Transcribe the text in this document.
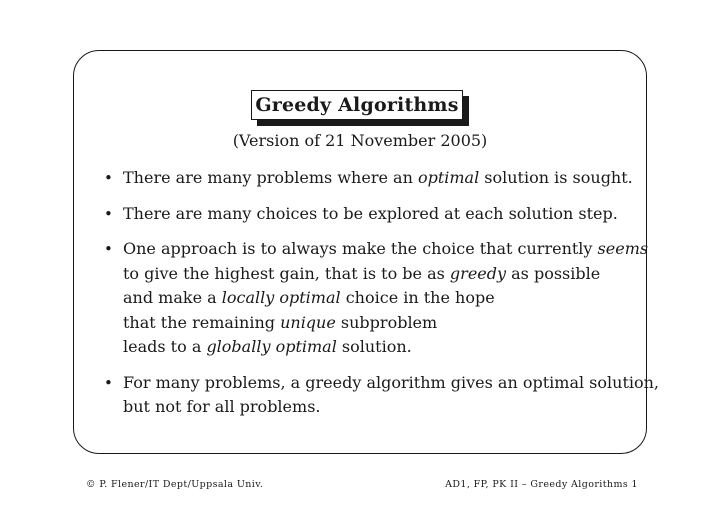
Greedy Algorithms
(Version of 21 November 2005)
• There are many problems where an optimal solution is sought.
• There are many choices to be explored at each solution step.
• One approach is to always make the choice that currently seems
to give the highest gain, that is to be as greedy as possible
and make a locally optimal choice in the hope
that the remaining unique subproblem
leads to a globally optimal solution.
• For many problems, a greedy algorithm gives an optimal solution,
but not for all problems.
© P. Flener/IT Dept/Uppsala Univ.	AD1, FP, PK II – Greedy Algorithms 1
